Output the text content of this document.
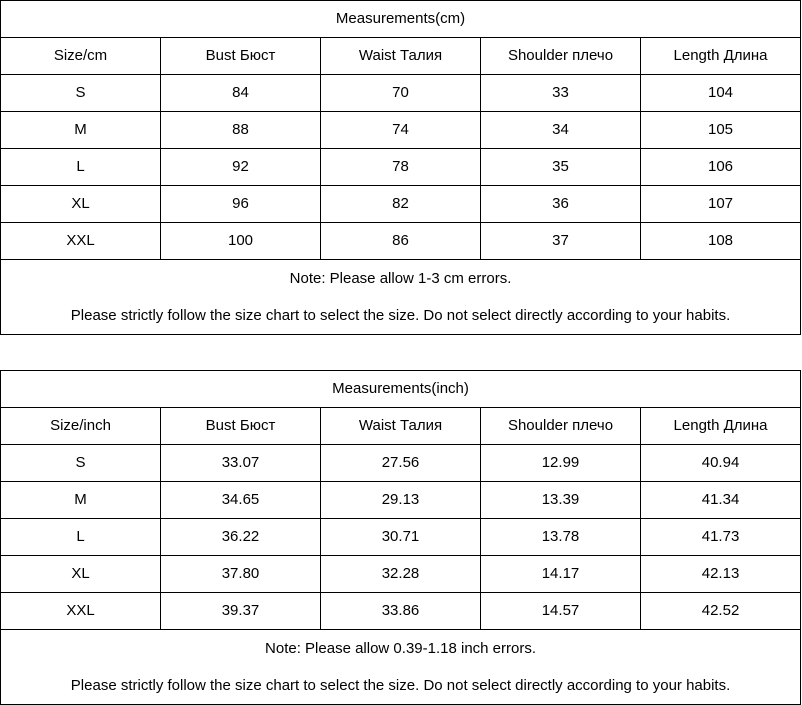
Measurements(cm)				
Size/cm	Bust Бюст	Waist Талия	Shoulder плечо	Length Длина
S	84	70	33	104
M	88	74	34	105
L	92	78	35	106
XL	96	82	36	107
XXL	100	86	37	108

Note: Please allow 1-3 cm errors.
Please strictly follow the size chart to select the size. Do not select directly according to your habits.				
Measurements(inch)				
Size/inch	Bust Бюст	Waist Талия	Shoulder плечо	Length Длина
S	33.07	27.56	12.99	40.94
M	34.65	29.13	13.39	41.34
L	36.22	30.71	13.78	41.73
XL	37.80	32.28	14.17	42.13
XXL	39.37	33.86	14.57	42.52

Note: Please allow 0.39-1.18 inch errors.
Please strictly follow the size chart to select the size. Do not select directly according to your habits.				
